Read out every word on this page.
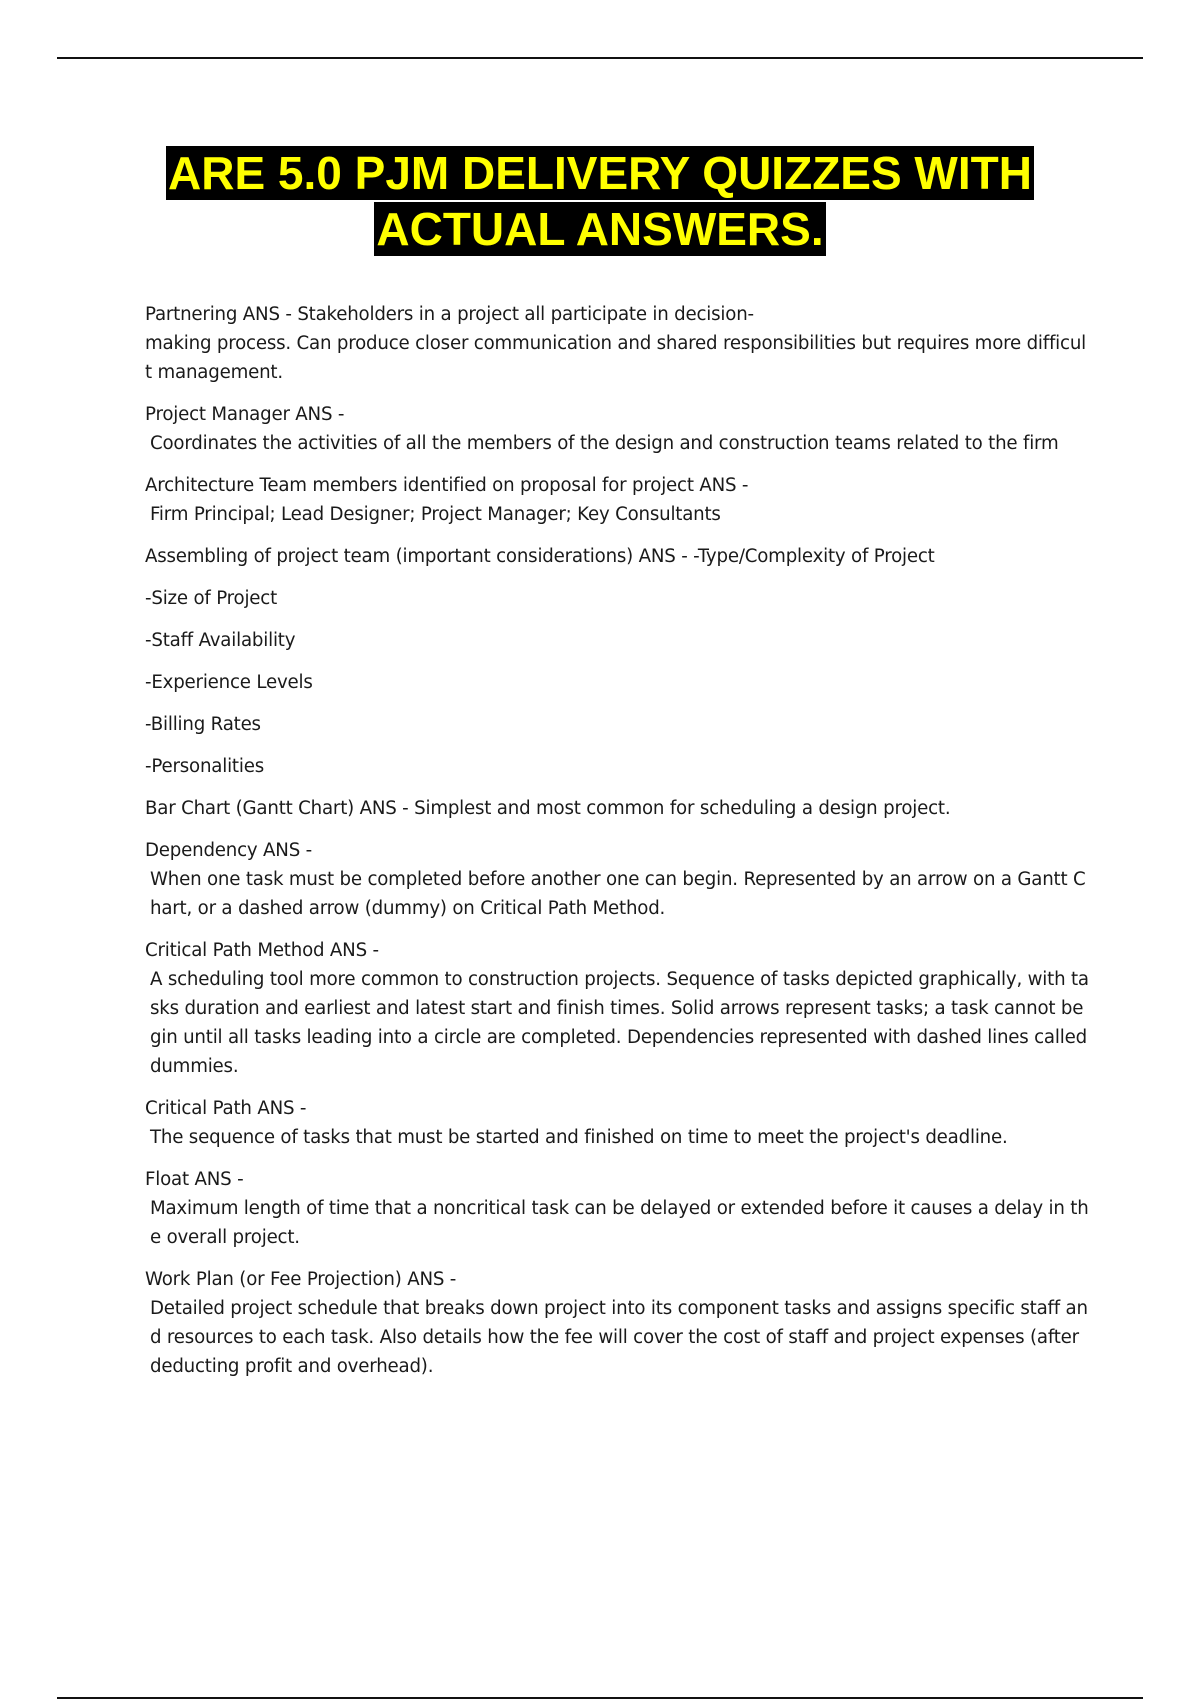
ARE 5.0 PJM DELIVERY QUIZZES WITH
ACTUAL ANSWERS.
Partnering ANS - Stakeholders in a project all participate in decision-
making process. Can produce closer communication and shared responsibilities but requires more difficult management.
Project Manager ANS -
Coordinates the activities of all the members of the design and construction teams related to the firm
Architecture Team members identified on proposal for project ANS -
Firm Principal; Lead Designer; Project Manager; Key Consultants
Assembling of project team (important considerations) ANS - -Type/Complexity of Project
-Size of Project
-Staff Availability
-Experience Levels
-Billing Rates
-Personalities
Bar Chart (Gantt Chart) ANS - Simplest and most common for scheduling a design project.
Dependency ANS -
When one task must be completed before another one can begin. Represented by an arrow on a Gantt Chart, or a dashed arrow (dummy) on Critical Path Method.
Critical Path Method ANS -
A scheduling tool more common to construction projects. Sequence of tasks depicted graphically, with tasks duration and earliest and latest start and finish times. Solid arrows represent tasks; a task cannot begin until all tasks leading into a circle are completed. Dependencies represented with dashed lines called dummies.
Critical Path ANS -
The sequence of tasks that must be started and finished on time to meet the project's deadline.
Float ANS -
Maximum length of time that a noncritical task can be delayed or extended before it causes a delay in the overall project.
Work Plan (or Fee Projection) ANS -
Detailed project schedule that breaks down project into its component tasks and assigns specific staff and resources to each task. Also details how the fee will cover the cost of staff and project expenses (after deducting profit and overhead).
